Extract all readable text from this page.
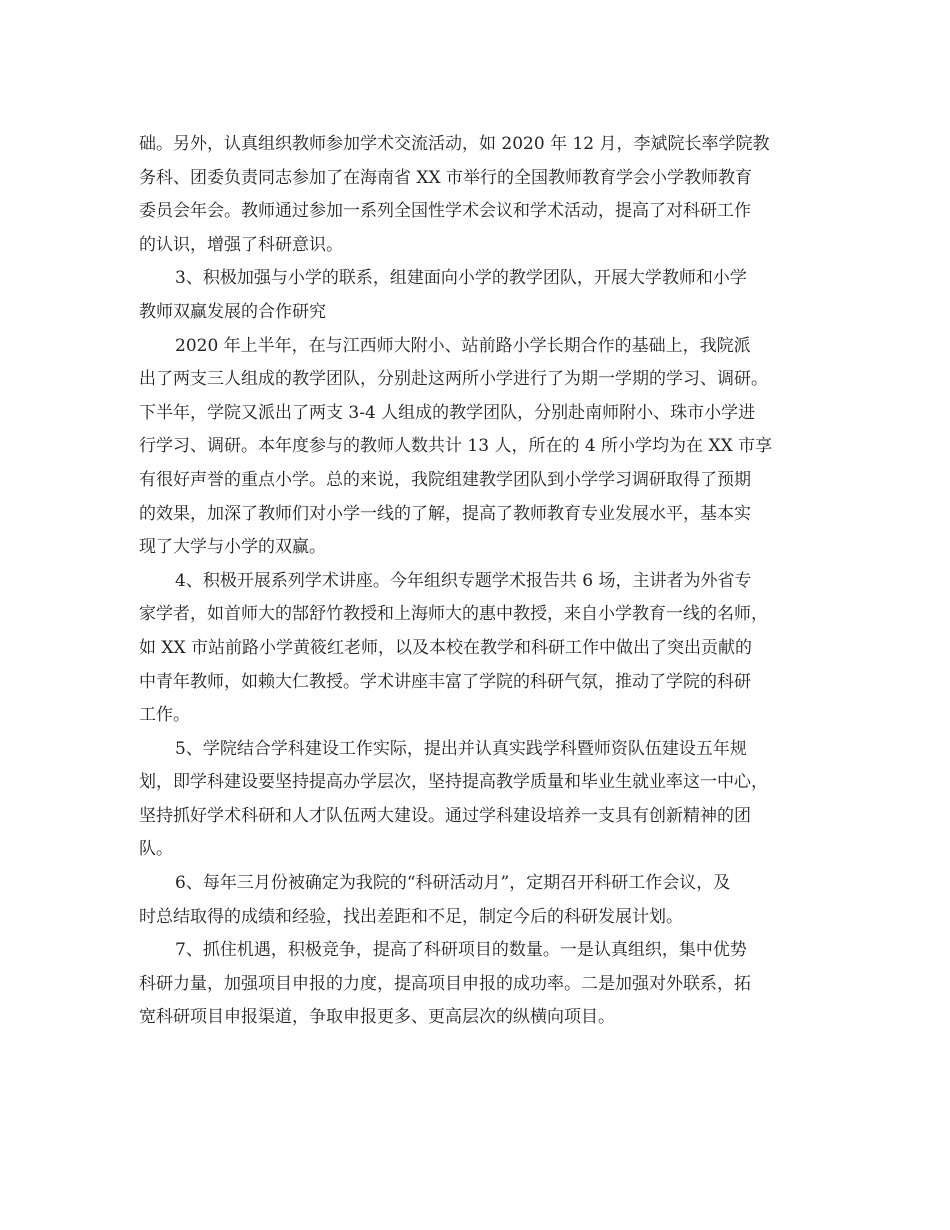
础。另外，认真组织教师参加学术交流活动，如 2020 年 12 月，李斌院长率学院教
务科、团委负责同志参加了在海南省 XX 市举行的全国教师教育学会小学教师教育
委员会年会。教师通过参加一系列全国性学术会议和学术活动，提高了对科研工作
的认识，增强了科研意识。
3、积极加强与小学的联系，组建面向小学的教学团队，开展大学教师和小学
教师双赢发展的合作研究
2020 年上半年，在与江西师大附小、站前路小学长期合作的基础上，我院派
出了两支三人组成的教学团队，分别赴这两所小学进行了为期一学期的学习、调研。
下半年，学院又派出了两支 3-4 人组成的教学团队，分别赴南师附小、珠市小学进
行学习、调研。本年度参与的教师人数共计 13 人，所在的 4 所小学均为在 XX 市享
有很好声誉的重点小学。总的来说，我院组建教学团队到小学学习调研取得了预期
的效果，加深了教师们对小学一线的了解，提高了教师教育专业发展水平，基本实
现了大学与小学的双赢。
4、积极开展系列学术讲座。今年组织专题学术报告共 6 场，主讲者为外省专
家学者，如首师大的郜舒竹教授和上海师大的惠中教授，来自小学教育一线的名师，
如 XX 市站前路小学黄筱红老师，以及本校在教学和科研工作中做出了突出贡献的
中青年教师，如赖大仁教授。学术讲座丰富了学院的科研气氛，推动了学院的科研
工作。
5、学院结合学科建设工作实际，提出并认真实践学科暨师资队伍建设五年规
划，即学科建设要坚持提高办学层次，坚持提高教学质量和毕业生就业率这一中心，
坚持抓好学术科研和人才队伍两大建设。通过学科建设培养一支具有创新精神的团
队。
6、每年三月份被确定为我院的“科研活动月”，定期召开科研工作会议，及
时总结取得的成绩和经验，找出差距和不足，制定今后的科研发展计划。
7、抓住机遇，积极竞争，提高了科研项目的数量。一是认真组织，集中优势
科研力量，加强项目申报的力度，提高项目申报的成功率。二是加强对外联系，拓
宽科研项目申报渠道，争取申报更多、更高层次的纵横向项目。
